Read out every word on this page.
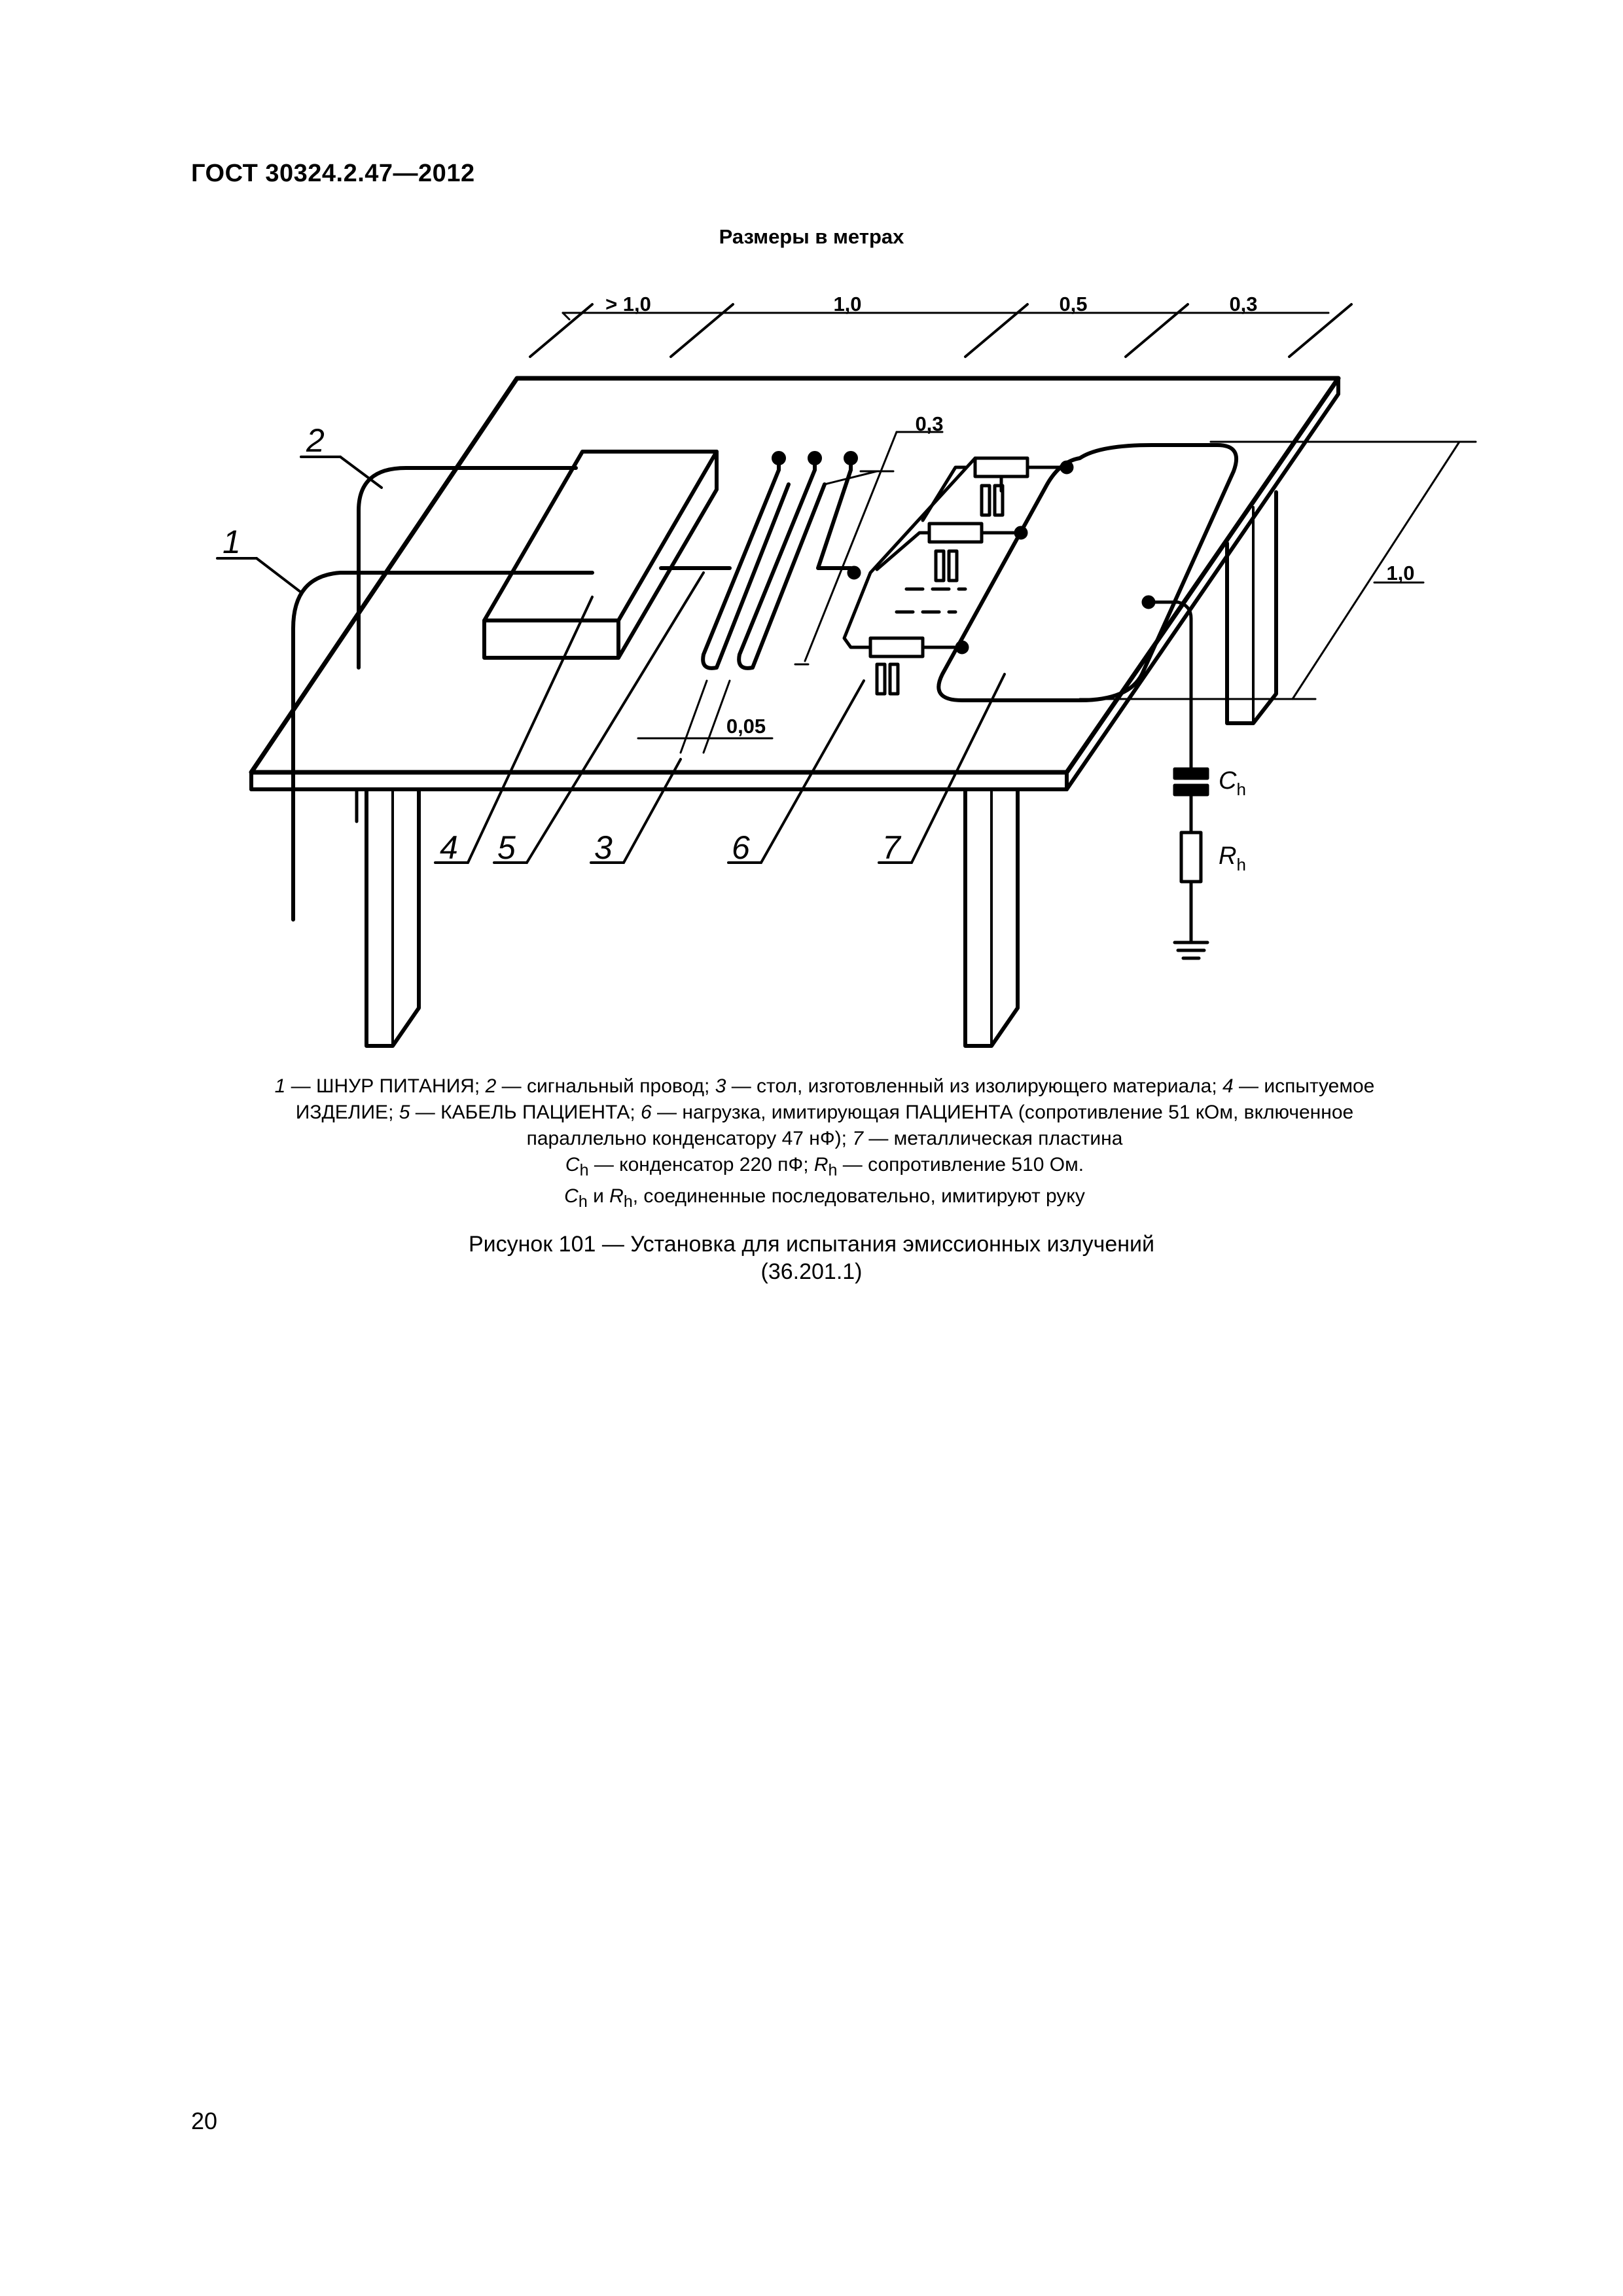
ГОСТ 30324.2.47—2012
Размеры в метрах
> 1,0	1,0	0,5	0,3
0,3
0,05
1,0
$C_h$
$R_h$
2
1
4 5 3	6	7
1 — ШНУР ПИТАНИЯ; 2 — сигнальный провод; 3 — стол, изготовленный из изолирующего материала; 4 — испытуемое
ИЗДЕЛИЕ; 5 — КАБЕЛЬ ПАЦИЕНТА; 6 — нагрузка, имитирующая ПАЦИЕНТА (сопротивление 51 кОм, включенное
параллельно конденсатору 47 нФ); 7 — металлическая пластина
$C_h$ — конденсатор 220 пФ; $R_h$ — сопротивление 510 Ом.
$C_h$ и $R_h$, соединенные последовательно, имитируют руку
Рисунок 101 — Установка для испытания эмиссионных излучений
(36.201.1)
20
